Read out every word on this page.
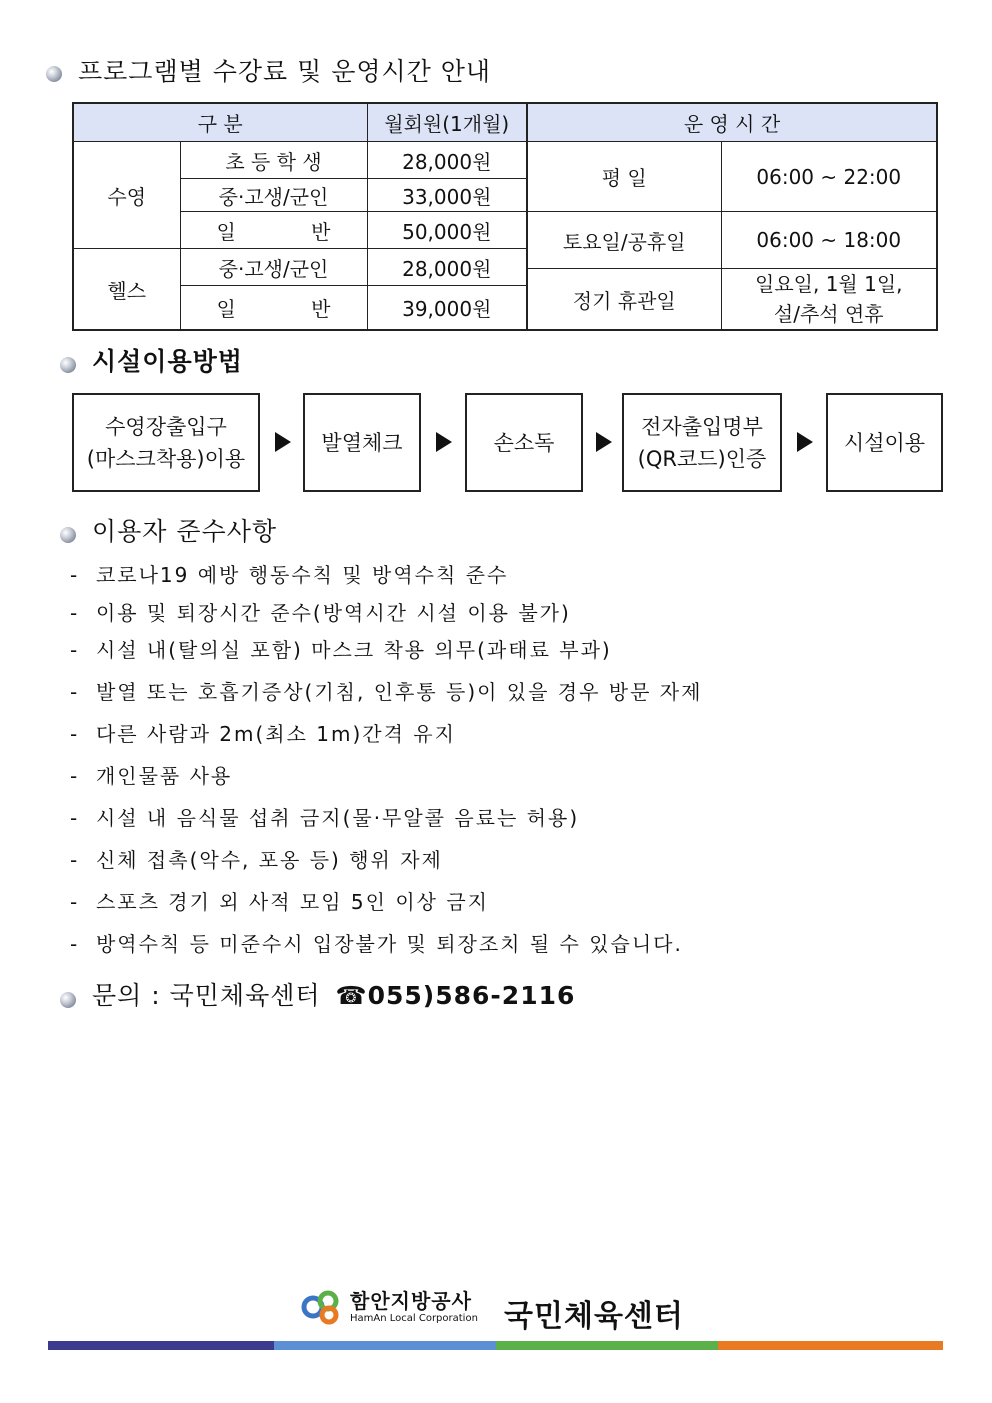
프로그램별 수강료 및 운영시간 안내
구 분		월회원(1개월)	운 영 시 간	
수영	초 등 학 생	28,000원	평 일	06:00 ~ 22:00
	중·고생/군인	33,000원		

	일 반	50,000원	토요일/공휴일	06:00 ~ 18:00
헬스	중·고생/군인	28,000원		
			정기 휴관일	일요일, 1월 1일,
설/추석 연휴

	일 반	39,000원		
시설이용방법
수영장출입구
(마스크착용)이용
발열체크	손소독
전자출입명부
(QR코드)인증
시설이용
이용자 준수사항
-  코로나19 예방 행동수칙 및 방역수칙 준수
-  이용 및 퇴장시간 준수(방역시간 시설 이용 불가)
-  시설 내(탈의실 포함) 마스크 착용 의무(과태료 부과)
-  발열 또는 호흡기증상(기침, 인후통 등)이 있을 경우 방문 자제
-  다른 사람과 2m(최소 1m)간격 유지
-  개인물품 사용
-  시설 내 음식물 섭취 금지(물·무알콜 음료는 허용)
-  신체 접촉(악수, 포옹 등) 행위 자제
-  스포츠 경기 외 사적 모임 5인 이상 금지
-  방역수칙 등 미준수시 입장불가 및 퇴장조치 될 수 있습니다.
문의 : 국민체육센터 ☎055)586-2116
함안지방공사
HamAn Local Corporation 국민체육센터
